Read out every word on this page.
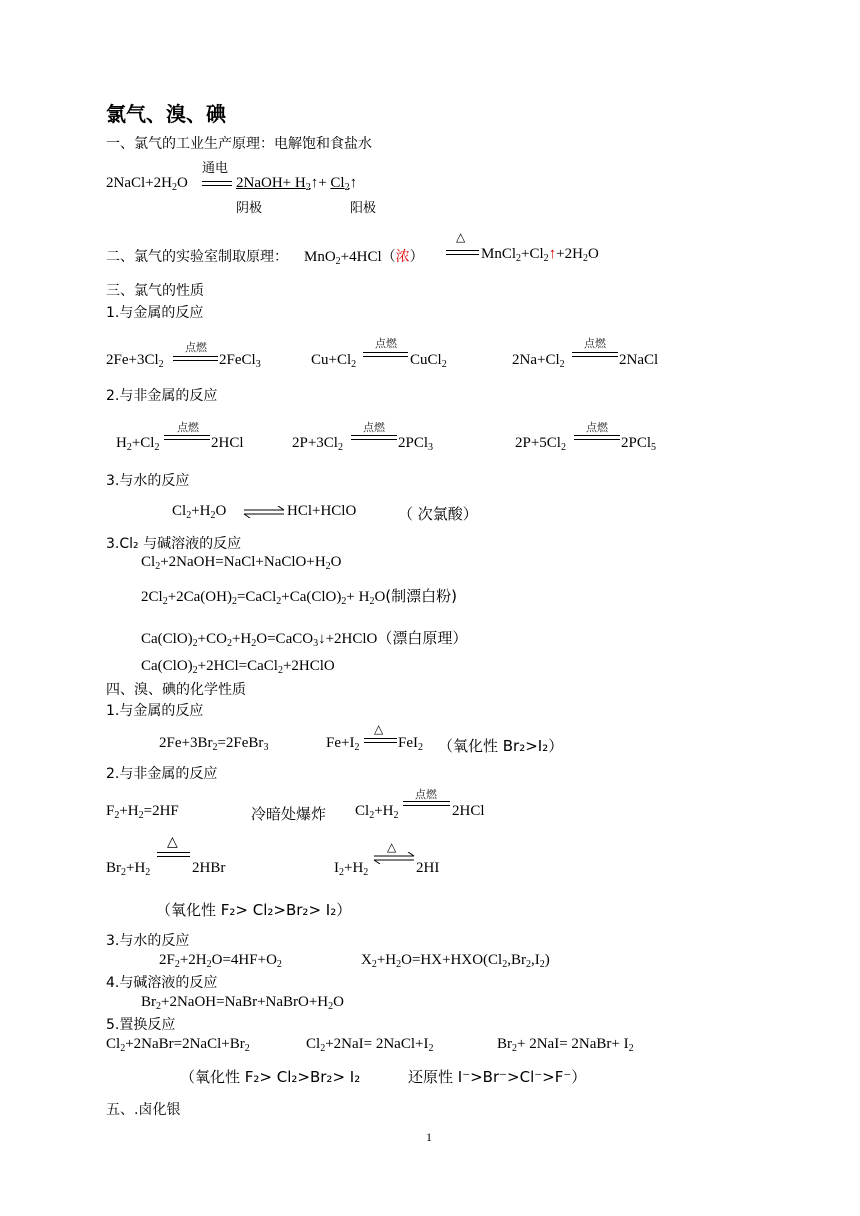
氯气、溴、碘
一、氯气的工业生产原理：电解饱和食盐水
通电
$2NaCl+2H_2O$	2NaOH+ $H_2↑+$ $Cl_2↑$
阴极	阳极
二、氯气的实验室制取原理： MnO$_2$+4HCl（浓）
△
$MnCl_2+Cl_2↑+2H_2O$
三、氯气的性质
1.与金属的反应
点燃
$2Fe+3Cl_2$	2FeCl$_3$
点燃
$Cu+Cl_2$	CuCl$_2$
点燃
$2Na+Cl_2$	2NaCl
2.与非金属的反应
点燃
$H_2+Cl_2$	2HCl
点燃
$2P+3Cl_2$	2PCl$_3$
点燃
$2P+5Cl_2$	2PCl$_5$
3.与水的反应
$Cl_2+H_2O$ ⇌ HCl+HClO	（ 次氯酸）
3.Cl₂ 与碱溶液的反应
$Cl_2+2NaOH=NaCl+NaClO+H_2O$
$2Cl_2+2Ca(OH)_2=CaCl_2+Ca(ClO)_2+ H_2O$(制漂白粉)
$Ca(ClO)_2+CO_2+H_2O=CaCO_3↓+2HClO$（漂白原理）
$Ca(ClO)_2+2HCl=CaCl_2+2HClO$
四、溴、碘的化学性质
1.与金属的反应
$2Fe+3Br_2=2FeBr_3$	$Fe+I_2$
△
FeI$_2$ （氧化性 Br₂>I₂）
2.与非金属的反应
$F_2+H_2=2HF$	冷暗处爆炸 $Cl_2+H_2$
点燃
2HCl
△
$Br_2+H_2$	2HBr	$I_2+H_2$
△
2HI
（氧化性 F₂> Cl₂>Br₂> I₂）
3.与水的反应
$2F_2+2H_2O=4HF+O_2$	$X_2+H_2O=HX+HXO(Cl_2,Br_2,I_2)$
4.与碱溶液的反应
$Br_2+2NaOH=NaBr+NaBrO+H_2O$
5.置换反应
$Cl_2+2NaBr=2NaCl+Br_2$	$Cl_2+2NaI=$ $2NaCl+I_2$	$Br_2+ 2NaI=$ 2NaBr+ $I_2$
（氧化性 F₂> Cl₂>Br₂> I₂	还原性 I⁻>Br⁻>Cl⁻>F⁻）
五、.卤化银
1
